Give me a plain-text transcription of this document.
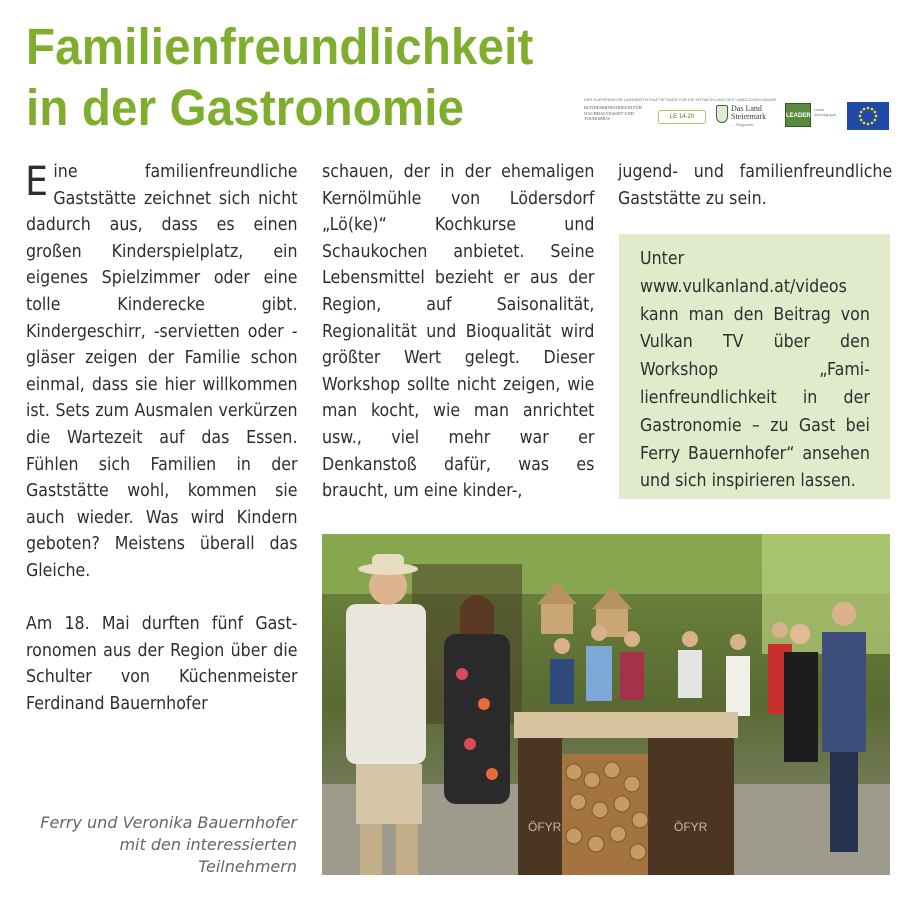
Familienfreundlichkeit
in der Gastronomie	DER EUROPÄISCHE LANDWIRTSCHAFTSFONDS FÜR DIE ENTWICKLUNG DES LÄNDLICHEN RAUMS
BUNDESMINISTERIUM FÜR NACHHALTIGKEIT UND TOURISMUS	LE 14-20
Das Land Steiermark
→ Regionen
LEADER
Lokale Aktionsgruppe

Eine familienfreundliche Gaststätte zeichnet sich nicht dadurch aus, dass es einen großen Kinderspielplatz, ein eigenes Spielzimmer oder eine tolle Kinderecke gibt. Kindergeschirr, -servietten oder -gläser zeigen der Familie schon einmal, dass sie hier willkommen ist. Sets zum Ausmalen verkürzen die Wartezeit auf das Essen. Fühlen sich Familien in der Gaststätte wohl, kommen sie auch wieder. Was wird Kindern geboten? Meistens überall das Gleiche.

Am 18. Mai durften fünf Gastronomen aus der Region über die Schulter von Küchenmeister Ferdinand Bauernhofer

schauen, der in der ehemaligen Kernölmühle von Lödersdorf „Lö(ke)“ Kochkurse und Schaukochen anbietet. Seine Lebensmittel bezieht er aus der Region, auf Saisonalität, Regionalität und Bioqualität wird größter Wert gelegt. Dieser Workshop sollte nicht zeigen, wie man kocht, wie man anrichtet usw., viel mehr war er Denkanstoß dafür, was es braucht, um eine kinder-,

jugend- und familienfreundliche Gaststätte zu sein.

Unter www.vulkanland.at/videos kann man den Beitrag von Vulkan TV über den Workshop „Familienfreundlichkeit in der Gastronomie – zu Gast bei Ferry Bauernhofer“ ansehen und sich inspirieren lassen.
ÖFYR	ÖFYR
Ferry und Veronika Bauernhofer
mit den interessierten
Teilnehmern
